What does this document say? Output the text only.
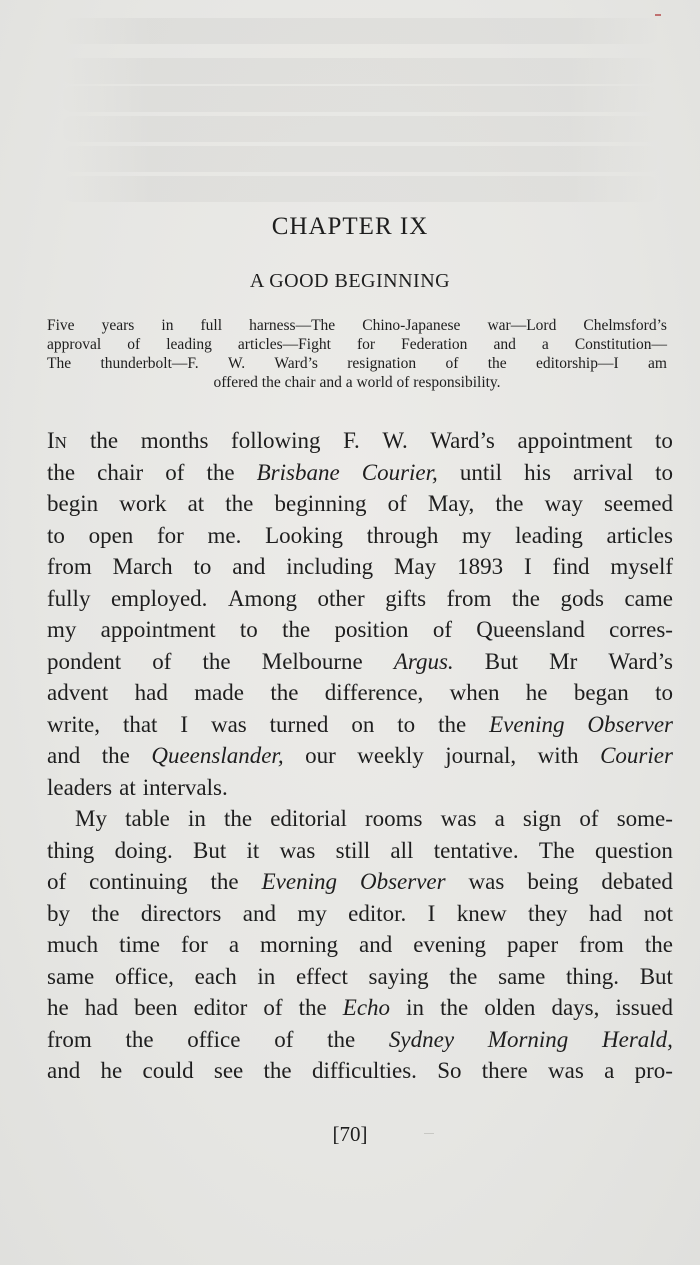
CHAPTER IX
A GOOD BEGINNING
Five years in full harness—The Chino-Japanese war—Lord Chelmsford’s
approval of leading articles—Fight for Federation and a Constitution—
The thunderbolt—F. W. Ward’s resignation of the editorship—I am
offered the chair and a world of responsibility.
IN the months following F. W. Ward’s appointment to
the chair of the Brisbane Courier, until his arrival to
begin work at the beginning of May, the way seemed
to open for me. Looking through my leading articles
from March to and including May 1893 I find myself
fully employed. Among other gifts from the gods came
my appointment to the position of Queensland corres-
pondent of the Melbourne Argus. But Mr Ward’s
advent had made the difference, when he began to
write, that I was turned on to the Evening Observer
and the Queenslander, our weekly journal, with Courier
leaders at intervals.
My table in the editorial rooms was a sign of some-
thing doing. But it was still all tentative. The question
of continuing the Evening Observer was being debated
by the directors and my editor. I knew they had not
much time for a morning and evening paper from the
same office, each in effect saying the same thing. But
he had been editor of the Echo in the olden days, issued
from the office of the Sydney Morning Herald,
and he could see the difficulties. So there was a pro-
[70]
